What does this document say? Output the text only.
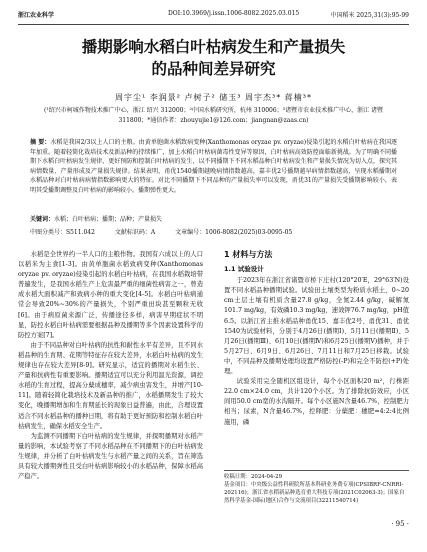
浙江农业科学	DOI:10.3969/j.issn.1006-8082.2025.03.015	中国稻米 2025,31(3):95-99
播期影响水稻白叶枯病发生和产量损失
的品种间差异研究
周宇尘¹ 李润景² 卢树子² 储玉³ 周宇杰³* 蒋楠³*
(¹绍兴市柯城作物技术推广中心，浙江 绍兴 312000；²中国水稻研究所，杭州 310006；³诸暨市农业技术推广中心，浙江 诸暨 311800；*通信作者：zhouyujie1@126.com；jiangnan@zaas.cn)
摘 要：水稻是我国2/3以上人口的主粮。由黄单胞菌水稻致病变种(Xanthomonas oryzae pv. oryzae)侵染引起的水稻白叶枯病在我国逐年加重。随着轻简化栽培技术及新品种的持续推广，加上水稻白叶枯病菌毒性变异等原因，白叶枯病高效防控面临新挑战。为了明确不同播期下水稻白叶枯病发生规律，更好预防和控制白叶枯病的发生，以不同播期下不同水稻品种白叶枯病发生和产量损失情况为切入点，探究其病情数量、产量形成及产量损失规律。结果表明，甬优1540播期越晚病情指数越高，嘉丰优2号播期越早病情指数越高，呈现水稻播期对水稻品种对白叶枯病病情指数影响更大的特征。对比不同播期下不同品种的产量损失率可以发现，甬优31的产量损失受播期影响较小，表明其受播期调整及白叶枯病的影响较小，播期弹性更大。
关键词：水稻；白叶枯病；播期；品种；产量损失
中图分类号：S511.042	文献标识码：A	文章编号：1006-8082(2025)03-0095-05

水稻是全世界约一半人口的主粮作物。我国有六成以上的人口以稻米为主食[1-3]。由黄单胞菌水稻致病变种(Xanthomonas oryzae pv. oryzae)侵染引起的水稻白叶枯病，在我国水稻栽培带普遍发生，是我国水稻生产上危害最严重的细菌性病害之一，曾造成水稻大面积减产和致病小种的重大变化[4-5]。水稻白叶枯病通常会导致20%~30%的产量损失，个别严重田块甚至颗粒无收[6]。由于病原菌来源广泛，传播途径多样，病害早期症状不明显，防控水稻白叶枯病需要根据品种及播期等多个因素设置科学的防控方案[7]。

由于不同品种对白叶枯病的抗性和耐性水平有差异，且不同水稻品种的生育期、花期等特征存在较大差异，水稻白叶枯病的发生规律也存在较大差异[8-9]。研究显示，适宜的播期对水稻生长、产量和抗病性有重要影响。播期适宜可以充分利用温光资源，调控水稻的生育过程，提高分蘖成穗率，减少病虫害发生，并增产[10-11]。随着轻简化栽培技术及新品种的推广，水稻播期发生了较大变化，晚播期增加和生育期延长的现象日益普遍，由此，合理设置适合不同水稻品种的播种日期，将有助于更好预防和控制水稻白叶枯病发生，确保水稻安全生产。

为监测不同播期下白叶枯病的发生规律，并探明播期对水稻产量的影响，本试验考察了不同水稻品种在不同播期下的白叶枯病发生规律，并分析了白叶枯病发生与水稻产量之间的关系，旨在筛选具有较大播期弹性且受白叶枯病影响较小的水稻品种，保障水稻高产稳产。

1 材料与方法
1.1 试验设计

于2023年在浙江省诸暨市桥下庄村(120°20′E，29°63′N)设置不同水稻品种播期试验。试验田土壤类型为粉质水稻土，0~20 cm土层土壤有机质含量27.8 g/kg，全氮2.44 g/kg，碱解氮101.7 mg/kg，有效磷10.3 mg/kg，速效钾76.7 mg/kg，pH值6.5。以浙江省主推水稻品种甬优15、嘉丰优2号、甬优31、甬优1540为试验材料，分别于4月26日(播期Ⅰ)、5月11日(播期Ⅱ)、5月26日(播期Ⅲ)、6月10日(播期Ⅳ)和6月25日(播期Ⅴ)播种，并于5月27日、6月9日、6月26日、7月11日和7月25日移栽。试验中，不同品种及播期处理均设置严格防控(-P)和完全不防控(+P)处理。

试验采用完全随机区组设计，每个小区面积20 m²，行株距22.0 cm×24.0 cm，共计120个小区。为了排除抗防效应，小区间用50.0 cm宽的水沟隔开。每个小区施N含量46.7%，控制肥力相当；尿素，N含量46.7%，控释肥：分蘖肥：穗肥=4:2:4比例施用，磷

收稿日期：2024-04-29

基金项目：中央级公益性科研院所基本科研业务费专项(CPSIBRF-CNRRI-202116)；浙江省水稻新品种选育重大科技专项(2021C02063-3)；国家自然科学基金-国际(地区)合作与交流项目(32211540714)

· 95 ·
